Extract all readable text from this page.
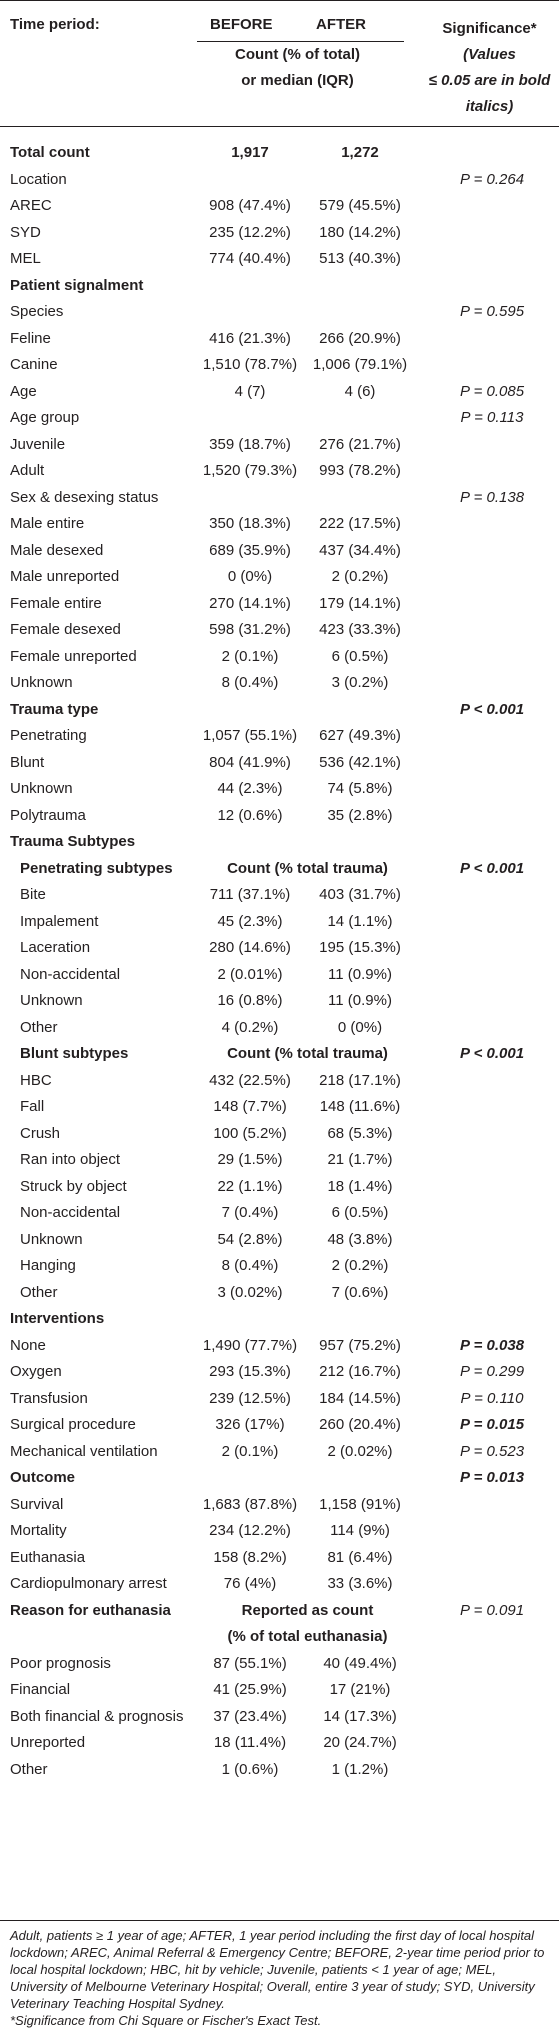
Time period:	BEFORE	AFTER
Count (% of total)
or median (IQR)
Significance*
(Values
≤ 0.05 are in bold
italics)
Total count	1,917	1,272
Location	P = 0.264
AREC	908 (47.4%)	579 (45.5%)
SYD	235 (12.2%)	180 (14.2%)
MEL	774 (40.4%)	513 (40.3%)
Patient signalment
Species	P = 0.595
Feline	416 (21.3%)	266 (20.9%)
Canine	1,510 (78.7%)	1,006 (79.1%)
Age	4 (7)	4 (6)	P = 0.085
Age group	P = 0.113
Juvenile	359 (18.7%)	276 (21.7%)
Adult	1,520 (79.3%)	993 (78.2%)
Sex & desexing status	P = 0.138
Male entire	350 (18.3%)	222 (17.5%)
Male desexed	689 (35.9%)	437 (34.4%)
Male unreported	0 (0%)	2 (0.2%)
Female entire	270 (14.1%)	179 (14.1%)
Female desexed	598 (31.2%)	423 (33.3%)
Female unreported	2 (0.1%)	6 (0.5%)
Unknown	8 (0.4%)	3 (0.2%)
Trauma type	P < 0.001
Penetrating	1,057 (55.1%)	627 (49.3%)
Blunt	804 (41.9%)	536 (42.1%)
Unknown	44 (2.3%)	74 (5.8%)
Polytrauma	12 (0.6%)	35 (2.8%)
Trauma Subtypes
Penetrating subtypes	Count (% total trauma)	P < 0.001
Bite	711 (37.1%)	403 (31.7%)
Impalement	45 (2.3%)	14 (1.1%)
Laceration	280 (14.6%)	195 (15.3%)
Non-accidental	2 (0.01%)	11 (0.9%)
Unknown	16 (0.8%)	11 (0.9%)
Other	4 (0.2%)	0 (0%)
Blunt subtypes	Count (% total trauma)	P < 0.001
HBC	432 (22.5%)	218 (17.1%)
Fall	148 (7.7%)	148 (11.6%)
Crush	100 (5.2%)	68 (5.3%)
Ran into object	29 (1.5%)	21 (1.7%)
Struck by object	22 (1.1%)	18 (1.4%)
Non-accidental	7 (0.4%)	6 (0.5%)
Unknown	54 (2.8%)	48 (3.8%)
Hanging	8 (0.4%)	2 (0.2%)
Other	3 (0.02%)	7 (0.6%)
Interventions
None	1,490 (77.7%)	957 (75.2%)	P = 0.038
Oxygen	293 (15.3%)	212 (16.7%)	P = 0.299
Transfusion	239 (12.5%)	184 (14.5%)	P = 0.110
Surgical procedure	326 (17%)	260 (20.4%)	P = 0.015
Mechanical ventilation	2 (0.1%)	2 (0.02%)	P = 0.523
Outcome	P = 0.013
Survival	1,683 (87.8%)	1,158 (91%)
Mortality	234 (12.2%)	114 (9%)
Euthanasia	158 (8.2%)	81 (6.4%)
Cardiopulmonary arrest	76 (4%)	33 (3.6%)
Reason for euthanasia	Reported as count	P = 0.091
(% of total euthanasia)
Poor prognosis	87 (55.1%)	40 (49.4%)
Financial	41 (25.9%)	17 (21%)
Both financial & prognosis	37 (23.4%)	14 (17.3%)
Unreported	18 (11.4%)	20 (24.7%)
Other	1 (0.6%)	1 (1.2%)
Adult, patients ≥ 1 year of age; AFTER, 1 year period including the first day of local hospital lockdown; AREC, Animal Referral & Emergency Centre; BEFORE, 2-year time period prior to local hospital lockdown; HBC, hit by vehicle; Juvenile, patients < 1 year of age; MEL, University of Melbourne Veterinary Hospital; Overall, entire 3 year of study; SYD, University Veterinary Teaching Hospital Sydney.
*Significance from Chi Square or Fischer's Exact Test.
